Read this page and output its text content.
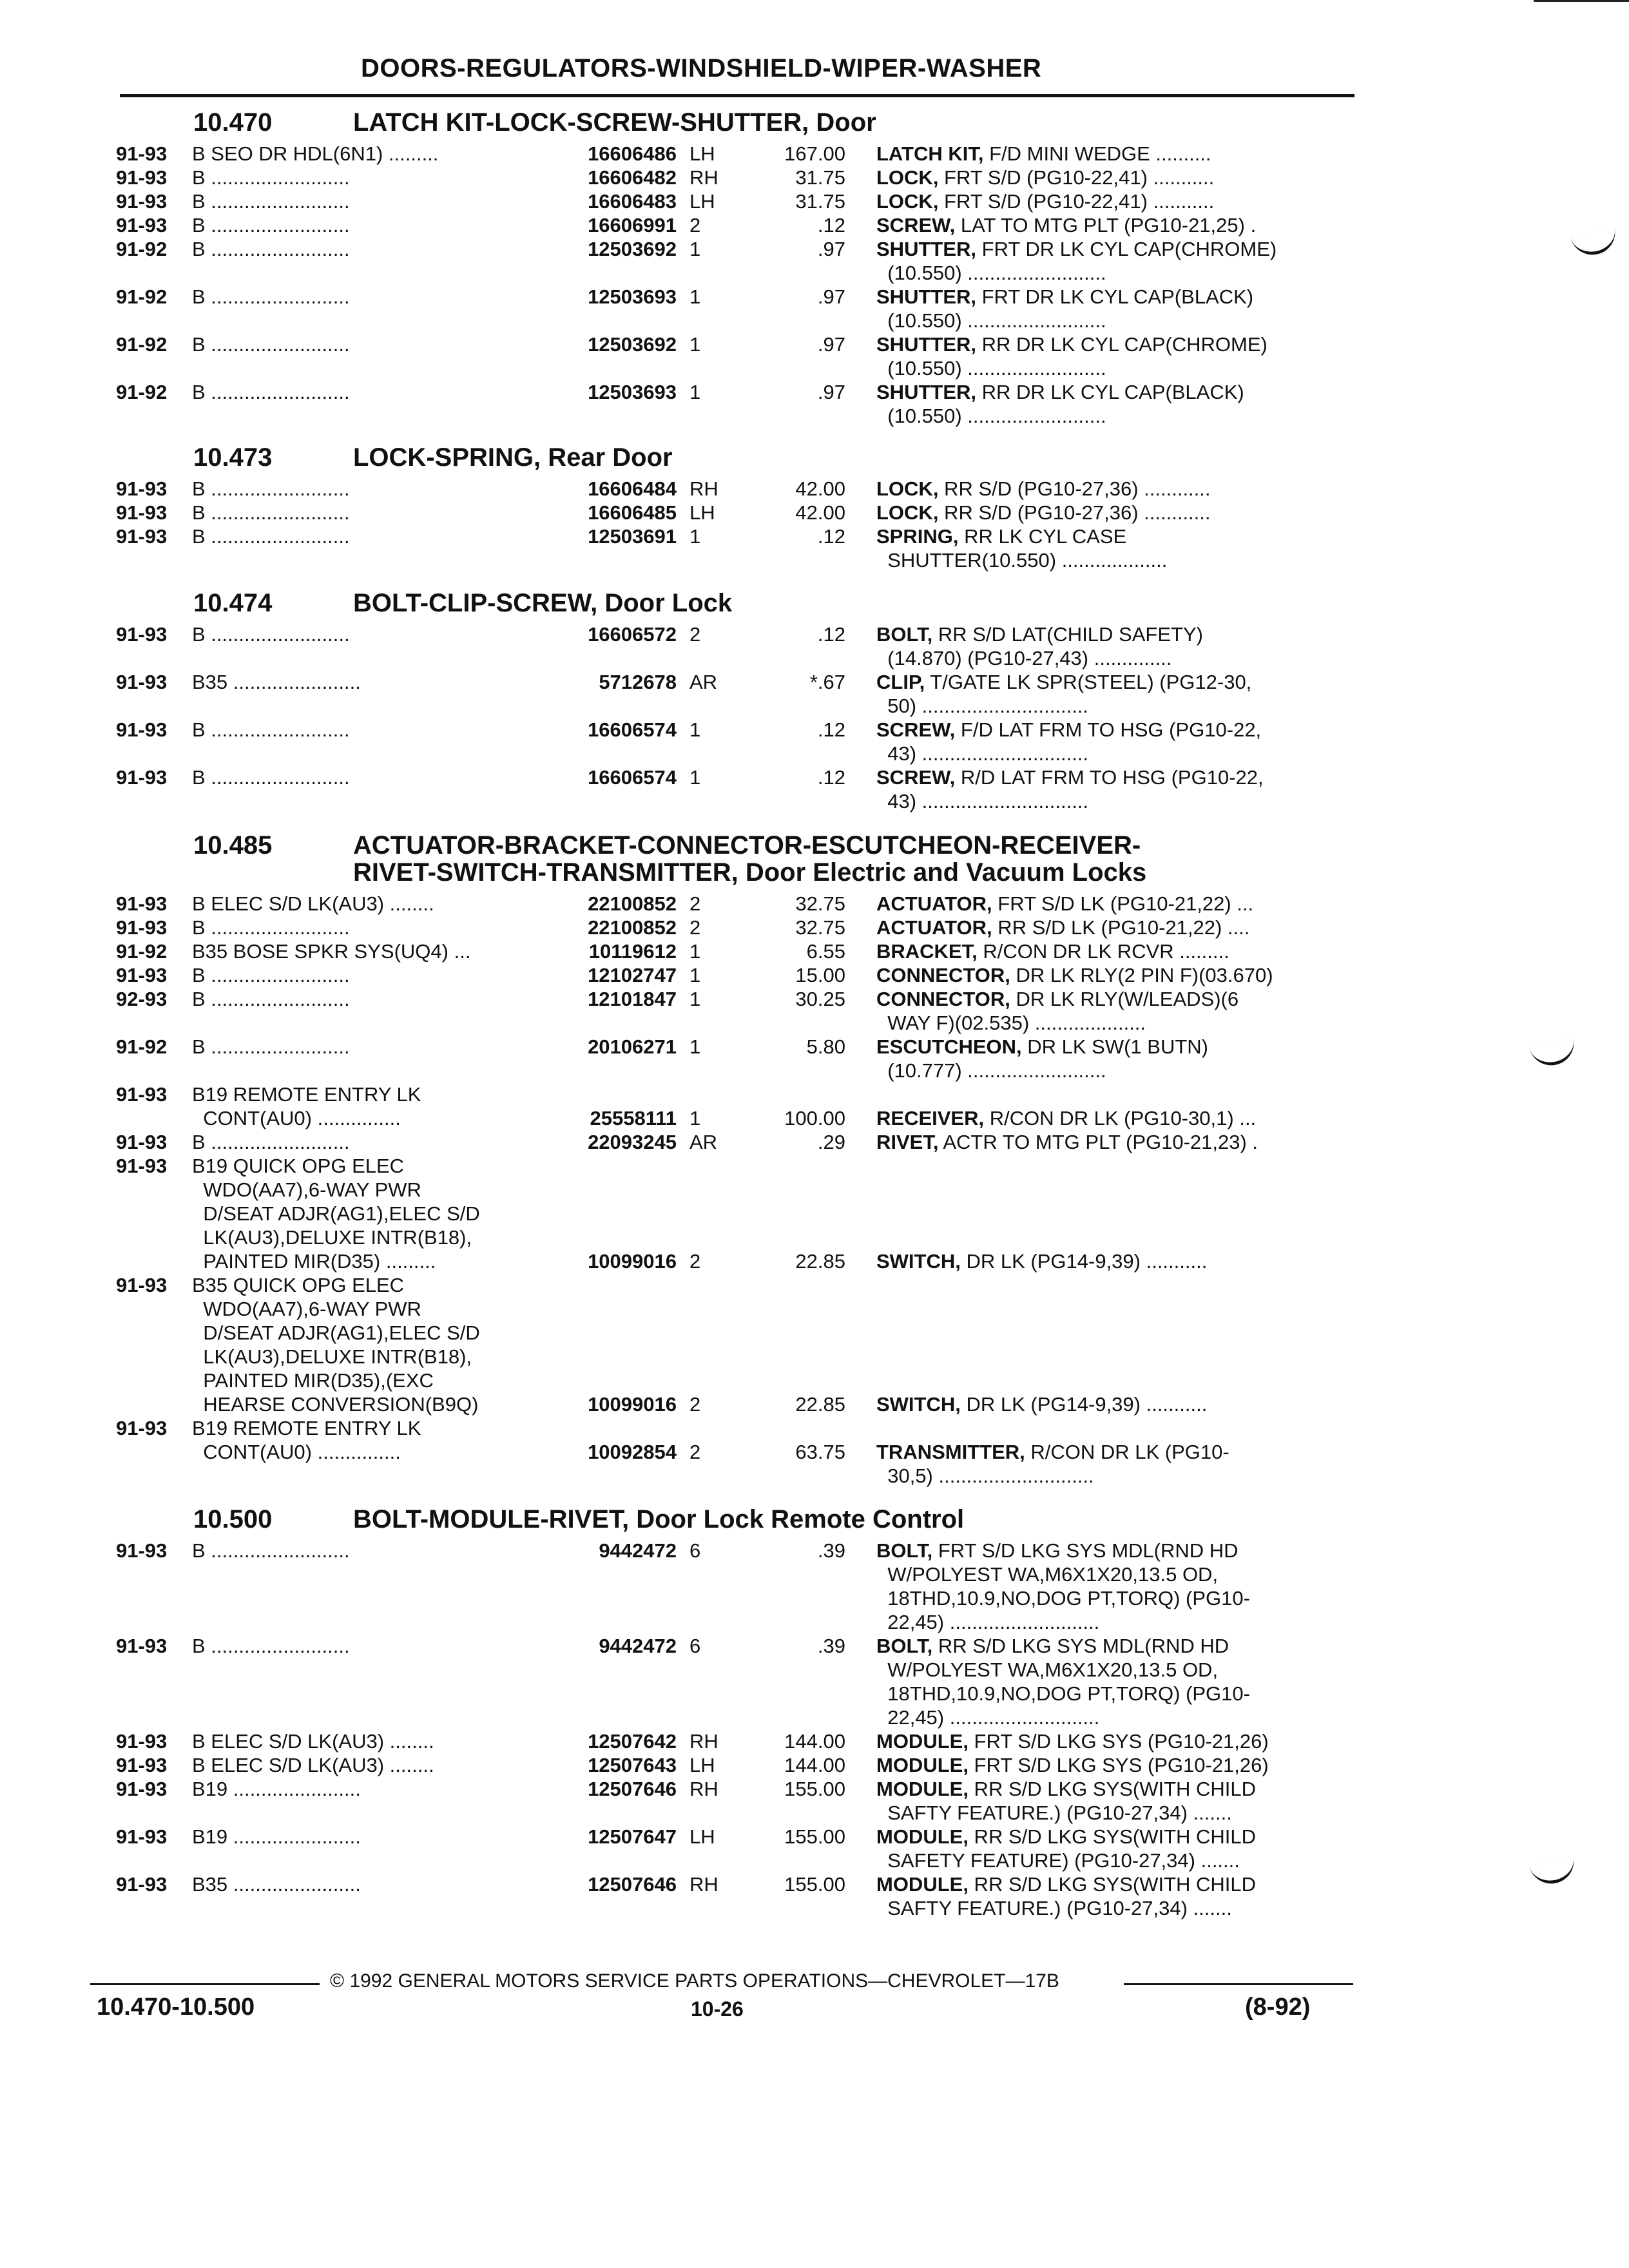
DOORS-REGULATORS-WINDSHIELD-WIPER-WASHER
10.470	LATCH KIT-LOCK-SCREW-SHUTTER, Door
91-93 B SEO DR HDL(6N1) .........	16606486 LH	167.00 LATCH KIT, F/D MINI WEDGE ..........
91-93 B .........................	16606482 RH	31.75 LOCK, FRT S/D (PG10-22,41) ...........
91-93 B .........................	16606483 LH	31.75 LOCK, FRT S/D (PG10-22,41) ...........
91-93 B .........................	16606991 2	.12 SCREW, LAT TO MTG PLT (PG10-21,25) .
91-92 B .........................	12503692 1	.97 SHUTTER, FRT DR LK CYL CAP(CHROME)
(10.550) .........................
91-92 B .........................	12503693 1	.97 SHUTTER, FRT DR LK CYL CAP(BLACK)
(10.550) .........................
91-92 B .........................	12503692 1	.97 SHUTTER, RR DR LK CYL CAP(CHROME)
(10.550) .........................
91-92 B .........................	12503693 1	.97 SHUTTER, RR DR LK CYL CAP(BLACK)
(10.550) .........................
10.473	LOCK-SPRING, Rear Door
91-93 B .........................	16606484 RH	42.00 LOCK, RR S/D (PG10-27,36) ............
91-93 B .........................	16606485 LH	42.00 LOCK, RR S/D (PG10-27,36) ............
91-93 B .........................	12503691 1	.12 SPRING, RR LK CYL CASE
SHUTTER(10.550) ...................
10.474	BOLT-CLIP-SCREW, Door Lock
91-93 B .........................	16606572 2	.12 BOLT, RR S/D LAT(CHILD SAFETY)
(14.870) (PG10-27,43) ..............
91-93 B35 .......................	5712678 AR	*.67 CLIP, T/GATE LK SPR(STEEL) (PG12-30,
50) ..............................
91-93 B .........................	16606574 1	.12 SCREW, F/D LAT FRM TO HSG (PG10-22,
43) ..............................
91-93 B .........................	16606574 1	.12 SCREW, R/D LAT FRM TO HSG (PG10-22,
43) ..............................
10.485	ACTUATOR-BRACKET-CONNECTOR-ESCUTCHEON-RECEIVER-
RIVET-SWITCH-TRANSMITTER, Door Electric and Vacuum Locks
91-93 B ELEC S/D LK(AU3) ........	22100852 2	32.75 ACTUATOR, FRT S/D LK (PG10-21,22) ...
91-93 B .........................	22100852 2	32.75 ACTUATOR, RR S/D LK (PG10-21,22) ....
91-92 B35 BOSE SPKR SYS(UQ4) ...	10119612 1	6.55 BRACKET, R/CON DR LK RCVR .........
91-93 B .........................	12102747 1	15.00 CONNECTOR, DR LK RLY(2 PIN F)(03.670)
92-93 B .........................	12101847 1	30.25 CONNECTOR, DR LK RLY(W/LEADS)(6
WAY F)(02.535) ....................
91-92 B .........................	20106271 1	5.80 ESCUTCHEON, DR LK SW(1 BUTN)
(10.777) .........................
91-93 B19 REMOTE ENTRY LK
CONT(AU0) ...............	25558111 1	100.00 RECEIVER, R/CON DR LK (PG10-30,1) ...
91-93 B .........................	22093245 AR	.29 RIVET, ACTR TO MTG PLT (PG10-21,23) .
91-93 B19 QUICK OPG ELEC
WDO(AA7),6-WAY PWR
D/SEAT ADJR(AG1),ELEC S/D
LK(AU3),DELUXE INTR(B18),
PAINTED MIR(D35) .........	10099016 2	22.85 SWITCH, DR LK (PG14-9,39) ...........
91-93 B35 QUICK OPG ELEC
WDO(AA7),6-WAY PWR
D/SEAT ADJR(AG1),ELEC S/D
LK(AU3),DELUXE INTR(B18),
PAINTED MIR(D35),(EXC
HEARSE CONVERSION(B9Q)	10099016 2	22.85 SWITCH, DR LK (PG14-9,39) ...........
91-93 B19 REMOTE ENTRY LK
CONT(AU0) ...............	10092854 2	63.75 TRANSMITTER, R/CON DR LK (PG10-
30,5) ............................
10.500	BOLT-MODULE-RIVET, Door Lock Remote Control
91-93 B .........................	9442472 6	.39 BOLT, FRT S/D LKG SYS MDL(RND HD
W/POLYEST WA,M6X1X20,13.5 OD,
18THD,10.9,NO,DOG PT,TORQ) (PG10-
22,45) ...........................
91-93 B .........................	9442472 6	.39 BOLT, RR S/D LKG SYS MDL(RND HD
W/POLYEST WA,M6X1X20,13.5 OD,
18THD,10.9,NO,DOG PT,TORQ) (PG10-
22,45) ...........................
91-93 B ELEC S/D LK(AU3) ........	12507642 RH	144.00 MODULE, FRT S/D LKG SYS (PG10-21,26)
91-93 B ELEC S/D LK(AU3) ........	12507643 LH	144.00 MODULE, FRT S/D LKG SYS (PG10-21,26)
91-93 B19 .......................	12507646 RH	155.00 MODULE, RR S/D LKG SYS(WITH CHILD
SAFTY FEATURE.) (PG10-27,34) .......
91-93 B19 .......................	12507647 LH	155.00 MODULE, RR S/D LKG SYS(WITH CHILD
SAFETY FEATURE) (PG10-27,34) .......
91-93 B35 .......................	12507646 RH	155.00 MODULE, RR S/D LKG SYS(WITH CHILD
SAFTY FEATURE.) (PG10-27,34) .......
© 1992 GENERAL MOTORS SERVICE PARTS OPERATIONS—CHEVROLET—17B
10.470-10.500	10-26	(8-92)
